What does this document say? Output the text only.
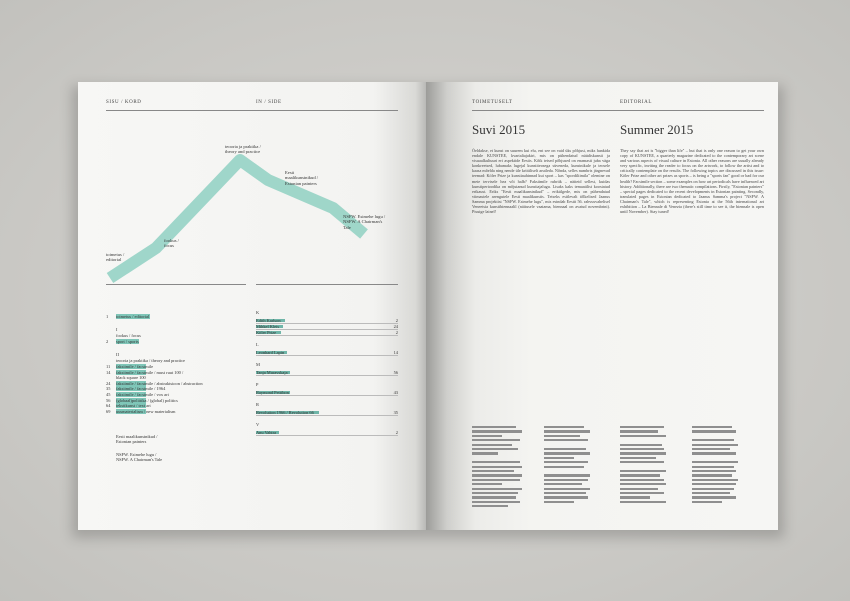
SISU / KORD	IN / SIDE
toimetus /
editorial
fookus /
focus
teooria ja praktika /
theory and practice
Eesti
maalikunstnikud /
Estonian painters
NSFW. Esimehe lugu /
NSFW. A Chairman's
Tale
1 toimetus / editorial
I
fookus / focus
2 sport / sports
II
teooria ja praktika / theory and practice
11 faksiimile / facsimile
14 faksiimile / facsimile / must ruut 100 /
black square 100
24 faksiimile / facsimile / abstraktsioon / abstraction
35 faksiimile / facsimile / 1964
45 faksiimile / facsimile / vox art
56 (globaal)poliitika / (global) politics
64 tekstikunst / text art
69 uusmaterialism / new materialism
Eesti maalikunstnikud /
Estonian painters
NSFW. Esimehe lugu /
NSFW. A Chairman's Tale
K
Edith Karlson	2
Mihkel Kleis	24
Köler Prize	2
L
Leonhard Lapin	14
M
Tanja Muravskaja	56
P
Raymond Pettibon	43
R
Revolution 1966 / Revolution 66	35
V
Anu Vahtra	2
TOIMETUSELT	EDITORIAL
Suvi 2015	Summer 2015
Öeldakse, et kunst on suurem kui elu, ent see on vaid üks põhjusi, miks hankida endale KUNSTEE, kvartaliajakiri, mis on pühendatud nüüdiskunsti ja visuaalkultuuri eri aspektide Eestis. Kõik teised põhjused on enamasti juba väga konkreetsed, lubamaks lugejal kunstiteosega süveneda, kunstnikule ja teosele kaasa mõelda ning nende üle kriitiliselt arutleda. Nõnda, selles numbris järgnevad teemad: Köler Prize ja kunstiauhinnad kui sport – kas "spordiliimila" olemine on meie tervisele hea või halb? Faksiimile rubriik – näiteid sellest, kuidas kunstiperioodika on mõjutanud kunstiajalugu. Lisaks kaks temaatilist koostatud erikaust. Eriks "Eesti maalikunstnikud" – erikülgede, mis on pühendatud viimastele arengutele Eesti maalikunstis. Teiseks esitlevalt tõlkelised Jaanus Samma projektist "NSFW. Esimehe lugu", mis esindab Eestit 56. rahvusvahelisel Veneetsia kunstibiennaalil (näitusele vaatama, biennaal on avatud novembrini). Pisuige lainel!
They say that art is "bigger than life" – but that is only one reason to get your own copy of KUNSTEE, a quarterly magazine dedicated to the contemporary art scene and various aspects of visual culture in Estonia. All other reasons are usually already very specific, inviting the reader to focus on the artwork, to follow the artist and to critically contemplate on the results. The following topics are discussed in this issue: Köler Prize and other art prizes as sports – is being a "sports fan" good or bad for our health? Facsimile section – some examples on how art periodicals have influenced art history. Additionally, there are two thematic compilations. Firstly, "Estonian painters" – special pages dedicated to the recent developments in Estonian painting. Secondly, translated pages in Estonian dedicated to Jaanus Samma's project "NSFW. A Chairman's Tale", which is representing Estonia at the 56th international art exhibition – La Biennale di Venezia (there's still time to see it, the biennale is open until November). Stay tuned!
